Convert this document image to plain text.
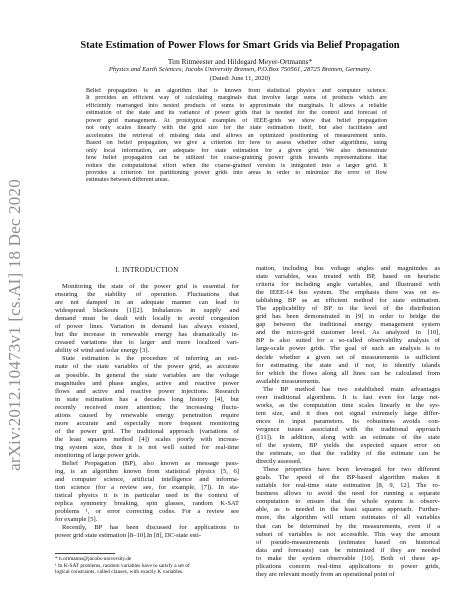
arXiv:2012.10473v1 [cs.AI] 18 Dec 2020
State Estimation of Power Flows for Smart Grids via Belief Propagation
Tim Ritmeester and Hildegard Meyer-Ortmanns*
Physics and Earth Sciences, Jacobs University Bremen, P.O.Box 750561, 28725 Bremen, Germany.
(Dated: June 11, 2020)
Belief propagation is an algorithm that is known from statistical physics and computer science.
It provides an efficient way of calculating marginals that involve large sums of products which are
efficiently rearranged into nested products of sums to approximate the marginals. It allows a reliable
estimation of the state and its variance of power grids that is needed for the control and forecast of
power grid management. At prototypical examples of IEEE-grids we show that belief propagation
not only scales linearly with the grid size for the state estimation itself, but also facilitates and
accelerates the retrieval of missing data and allows an optimized positioning of measurement units.
Based on belief propagation, we give a criterion for how to assess whether other algorithms, using
only local information, are adequate for state estimation for a given grid. We also demonstrate
how belief propagation can be utilized for coarse-graining power grids towards representations that
reduce the computational effort when the coarse-grained version is integrated into a larger grid. It
provides a criterion for partitioning power grids into areas in order to minimize the error of flow
estimates between different areas.
I. INTRODUCTION
Monitoring the state of the power grid is essential for
ensuring the stability of operation. Fluctuations that
are not damped in an adequate manner can lead to
widespread blackouts [1][2]. Imbalances in supply and
demand must be dealt with locally to avoid congestion
of power lines. Variation in demand has always existed,
but the increase in renewable energy has dramatically in-
creased variations due to larger and more localized vari-
ability of wind and solar energy [3].
State estimation is the procedure of inferring an esti-
mate of the state variables of the power grid, as accurate
as possible. In general the state variables are the voltage
magnitudes and phase angles, active and reactive power
flows and active and reactive power injections. Research
in state estimation has a decades long history [4], but
recently received more attention; the increasing fluctu-
ations caused by renewable energy penetration require
more accurate and especially more frequent monitoring
of the power grid. The traditional approach (variations of
the least squares method [4]) scales poorly with increas-
ing system size, thus it is not well suited for real-time
monitoring of large power grids.
Belief Propagation (BP), also known as message pass-
ing, is an algorithm known from statistical physics [5, 6]
and computer science, artificial intelligence and informa-
tion science (for a review see, for example, [7]). In sta-
tistical physics it is in particular used in the context of
replica symmetry breaking, spin glasses, random K-SAT
problems ¹, or error correcting codes. For a review see
for example [5].
Recently, BP has been discussed for applications to
power grid state estimation [8–10].In [8], DC-state esti-
mation, including bus voltage angles and magnitudes as
state variables, was treated with BP, based on heuristic
criteria for including angle variables, and illustrated with
the IEEE-14 bus system. The emphasis there was on es-
tablishing BP as an efficient method for state estimation.
The applicability of BP to the level of the distribution
grid has been demonstrated in [9] in order to bridge the
gap between the traditional energy management system
and the micro-grid customer level. As analyzed in [10],
BP is also suited for a so-called observability analysis of
large-scale power grids. The goal of such an analysis is to
decide whether a given set of measurements is sufficient
for estimating the state and if not, to identify islands
for which the flows along all lines can be calculated from
available measurements.
The BP method has two established main advantages
over traditional algorithms. It is fast even for large net-
works, as the computation time scales linearly in the sys-
tem size, and it does not signal extremely large differ-
ences in input parameters. Its robustness avoids con-
vergence issues associated with the traditional approach
([11]). In addition, along with an estimate of the state
of the system, BP yields the expected square error on
the estimate, so that the validity of the estimate can be
directly assessed.
These properties have been leveraged for two different
goals. The speed of the BP-based algorithm makes it
suitable for real-time state estimation [8, 9, 12]. The ro-
bustness allows to avoid the need for running a separate
computation to ensure that the whole system is observ-
able, as is needed in the least squares approach. Further-
more, the algorithm will return estimates of all variables
that can be determined by the measurements, even if a
subset of variables is not accessible. This way the amount
of pseudo-measurements (estimates based on historical
data and forecasts) can be minimized if they are needed
to make the system observable [10]. Both of these ap-
plications concern real-time applications to power grids,
they are relevant mostly from an operational point of
* h.ortmanns@jacobs-university.de
¹ In K-SAT problems, random variables have to satisfy a set of
logical constraints, called clauses, with exactly K variables.
